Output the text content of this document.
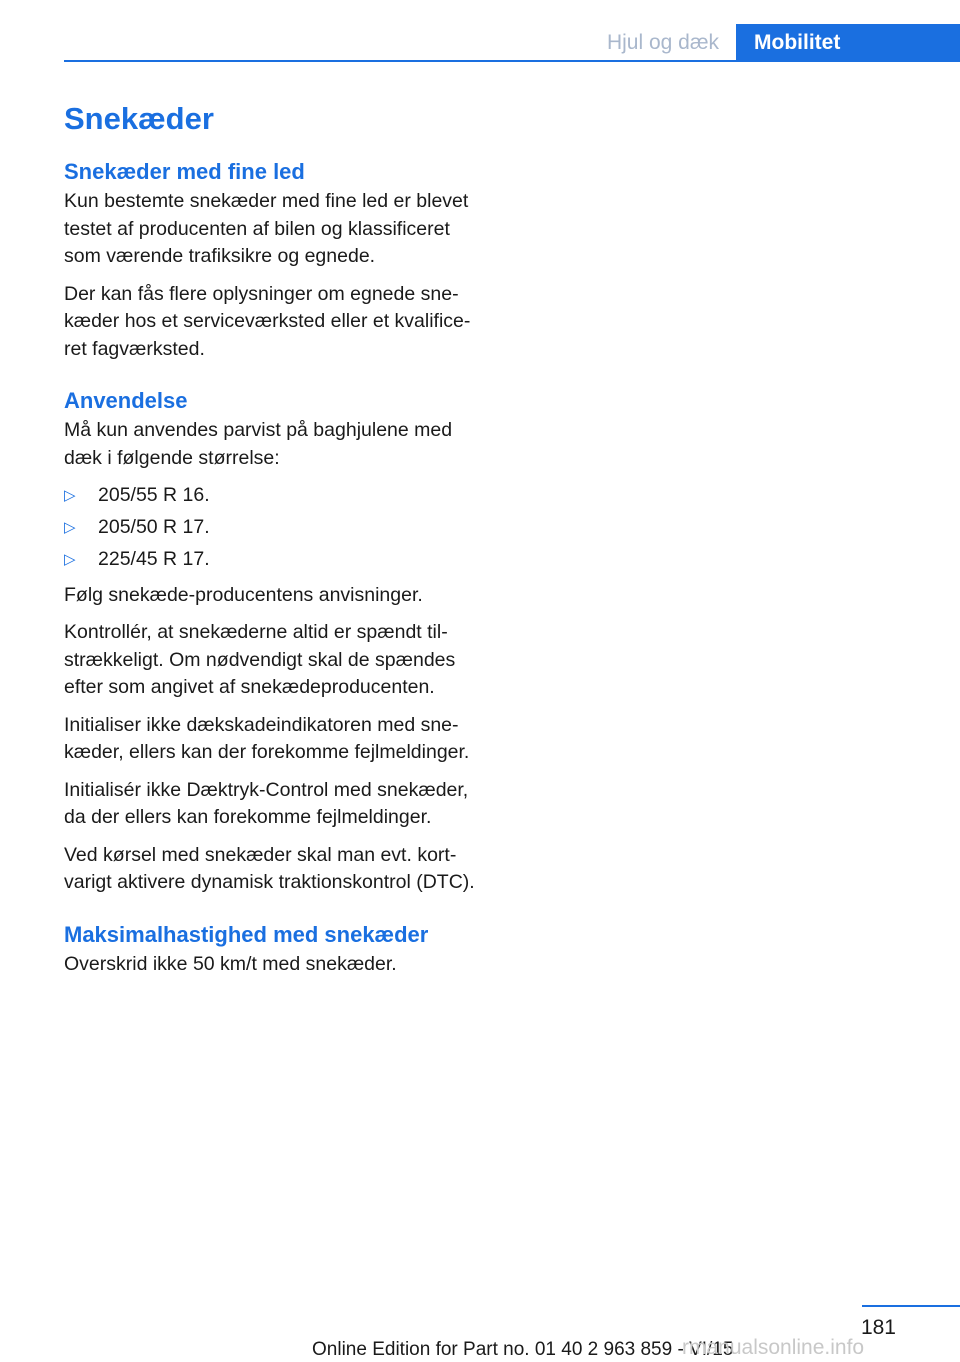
Hjul og dæk	Mobilitet
Snekæder
Snekæder med fine led

Kun bestemte snekæder med fine led er blevet testet af producenten af bilen og klassificeret som værende trafiksikre og egnede.

Der kan fås flere oplysninger om egnede snekæder hos et serviceværksted eller et kvalificeret fagværksted.

Anvendelse

Må kun anvendes parvist på baghjulene med dæk i følgende størrelse:

▷ 205/55 R 16.
▷ 205/50 R 17.
▷ 225/45 R 17.

Følg snekæde-producentens anvisninger.

Kontrollér, at snekæderne altid er spændt tilstrækkeligt. Om nødvendigt skal de spændes efter som angivet af snekædeproducenten.

Initialiser ikke dækskadeindikatoren med snekæder, ellers kan der forekomme fejlmeldinger.

Initialisér ikke Dæktryk-Control med snekæder, da der ellers kan forekomme fejlmeldinger.

Ved kørsel med snekæder skal man evt. kortvarigt aktivere dynamisk traktionskontrol (DTC).

Maksimalhastighed med snekæder

Overskrid ikke 50 km/t med snekæder.

181
Online Edition for Part no. 01 40 2 963 859 - VI/15
rmanualsonline.info
